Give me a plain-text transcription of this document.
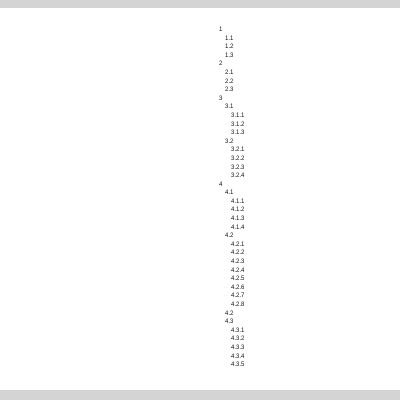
1
1.1
1.2
1.3
2
2.1
2.2
2.3
3
3.1
3.1.1
3.1.2
3.1.3
3.2
3.2.1
3.2.2
3.2.3
3.2.4
4
4.1
4.1.1
4.1.2
4.1.3
4.1.4
4.2
4.2.1
4.2.2
4.2.3
4.2.4
4.2.5
4.2.6
4.2.7
4.2.8
4.2
4.3
4.3.1
4.3.2
4.3.3
4.3.4
4.3.5
